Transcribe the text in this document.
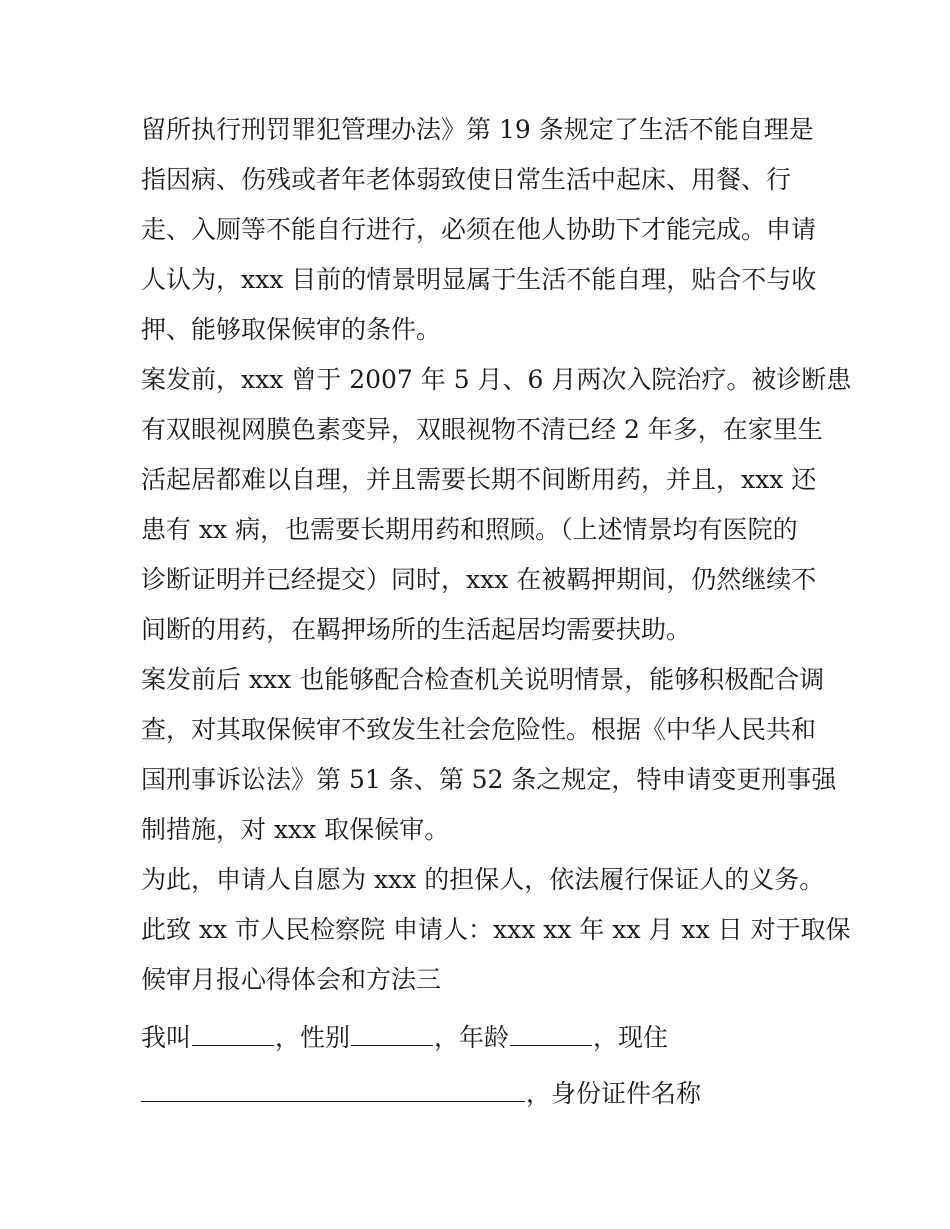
留所执行刑罚罪犯管理办法》第 19 条规定了生活不能自理是
指因病、伤残或者年老体弱致使日常生活中起床、用餐、行
走、入厕等不能自行进行，必须在他人协助下才能完成。申请
人认为，xxx 目前的情景明显属于生活不能自理，贴合不与收
押、能够取保候审的条件。
案发前，xxx 曾于 2007 年 5 月、6 月两次入院治疗。被诊断患
有双眼视网膜色素变异，双眼视物不清已经 2 年多，在家里生
活起居都难以自理，并且需要长期不间断用药，并且，xxx 还
患有 xx 病，也需要长期用药和照顾。（上述情景均有医院的
诊断证明并已经提交）同时，xxx 在被羁押期间，仍然继续不
间断的用药，在羁押场所的生活起居均需要扶助。
案发前后 xxx 也能够配合检查机关说明情景，能够积极配合调
查，对其取保候审不致发生社会危险性。根据《中华人民共和
国刑事诉讼法》第 51 条、第 52 条之规定，特申请变更刑事强
制措施，对 xxx 取保候审。
为此，申请人自愿为 xxx 的担保人，依法履行保证人的义务。
此致 xx 市人民检察院 申请人：xxx xx 年 xx 月 xx 日 对于取保
候审月报心得体会和方法三
我叫	，性别	，年龄	，现住
，身份证件名称
